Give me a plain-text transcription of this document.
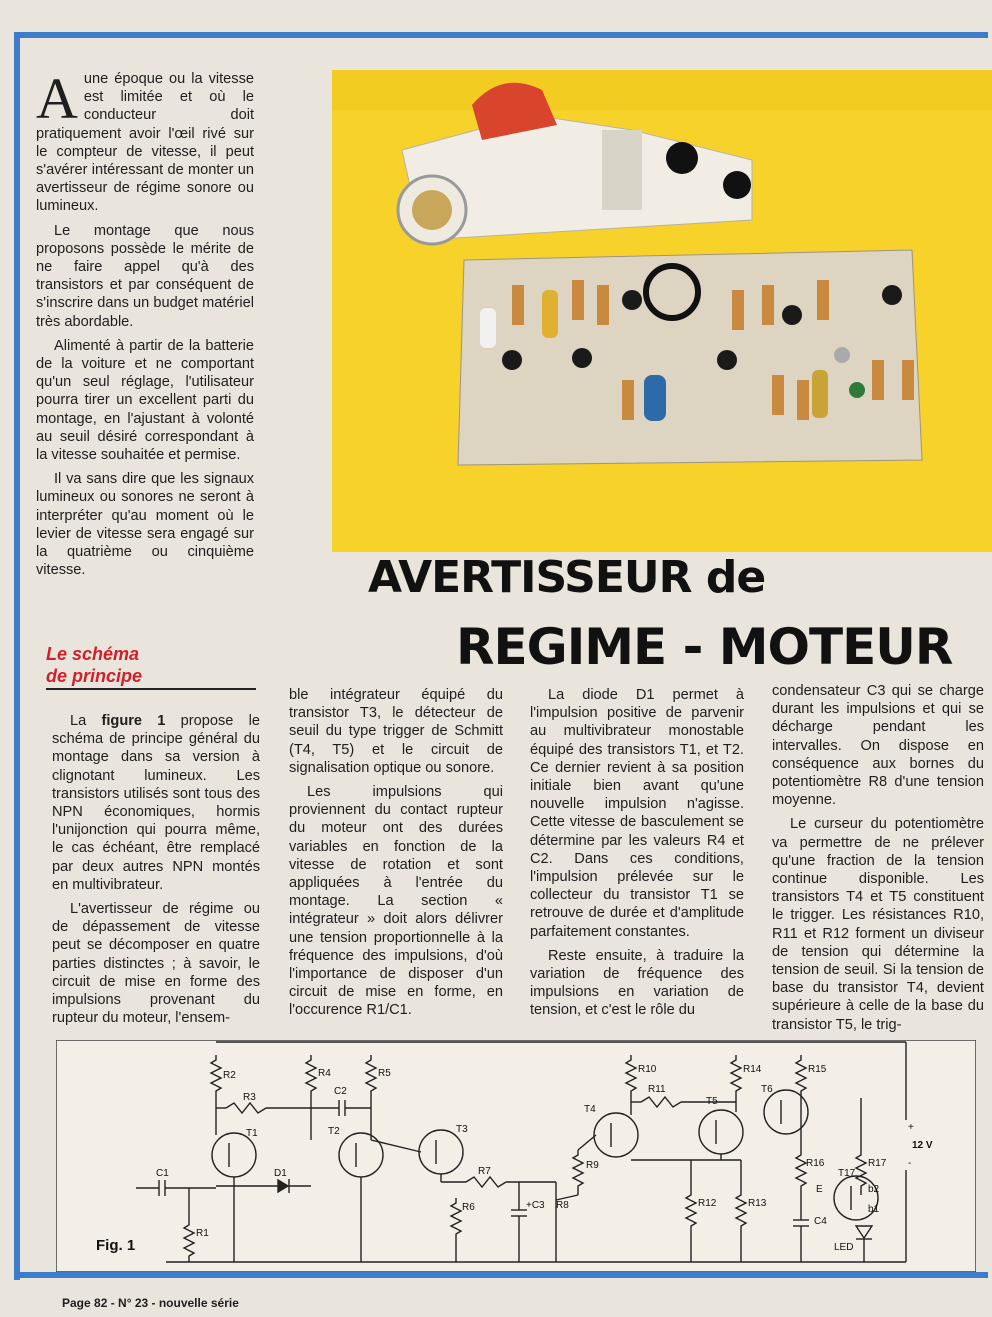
Aune époque ou la vitesse est limitée et où le conducteur doit pratiquement avoir l'œil rivé sur le compteur de vitesse, il peut s'avérer intéressant de monter un avertisseur de régime sonore ou lumineux.

Le montage que nous proposons possède le mérite de ne faire appel qu'à des transistors et par conséquent de s'inscrire dans un budget matériel très abordable.

Alimenté à partir de la batterie de la voiture et ne comportant qu'un seul réglage, l'utilisateur pourra tirer un excellent parti du montage, en l'ajustant à volonté au seuil désiré correspondant à la vitesse souhaitée et permise.

Il va sans dire que les signaux lumineux ou sonores ne seront à interpréter qu'au moment où le levier de vitesse sera engagé sur la quatrième ou cinquième vitesse.	AVERTISSEUR de
REGIME - MOTEUR
Le schéma
de principe

La figure 1 propose le schéma de principe général du montage dans sa version à clignotant lumineux. Les transistors utilisés sont tous des NPN économiques, hormis l'unijonction qui pourra même, le cas échéant, être remplacé par deux autres NPN montés en multivibrateur.

L'avertisseur de régime ou de dépassement de vitesse peut se décomposer en quatre parties distinctes ; à savoir, le circuit de mise en forme des impulsions provenant du rupteur du moteur, l'ensem-

ble intégrateur équipé du transistor T3, le détecteur de seuil du type trigger de Schmitt (T4, T5) et le circuit de signalisation optique ou sonore.

Les impulsions qui proviennent du contact rupteur du moteur ont des durées variables en fonction de la vitesse de rotation et sont appliquées à l'entrée du montage. La section « intégrateur » doit alors délivrer une tension proportionnelle à la fréquence des impulsions, d'où l'importance de disposer d'un circuit de mise en forme, en l'occurence R1/C1.

La diode D1 permet à l'impulsion positive de parvenir au multivibrateur monostable équipé des transistors T1, et T2. Ce dernier revient à sa position initiale bien avant qu'une nouvelle impulsion n'agisse. Cette vitesse de basculement se détermine par les valeurs R4 et C2. Dans ces conditions, l'impulsion prélevée sur le collecteur du transistor T1 se retrouve de durée et d'amplitude parfaitement constantes.

Reste ensuite, à traduire la variation de fréquence des impulsions en variation de tension, et c'est le rôle du

condensateur C3 qui se charge durant les impulsions et qui se décharge pendant les intervalles. On dispose en conséquence aux bornes du potentiomètre R8 d'une tension moyenne.

Le curseur du potentiomètre va permettre de ne prélever qu'une fraction de la tension continue disponible. Les transistors T4 et T5 constituent le trigger. Les résistances R10, R11 et R12 forment un diviseur de tension qui détermine la tension de seuil. Si la tension de base du transistor T4, devient supérieure à celle de la base du transistor T5, le trig-

R2
R3
R4	R5
C2
T1	T2	T3
C1	D1
R1
R7
R6	+C3 R8
R9
T4
R10
R11
T5
T6
R14	R15
R12	R13
R16	R17
T17
E	b2
b1
C4
LED
+
-
12 V
Fig. 1
Page 82 - N° 23 - nouvelle série
